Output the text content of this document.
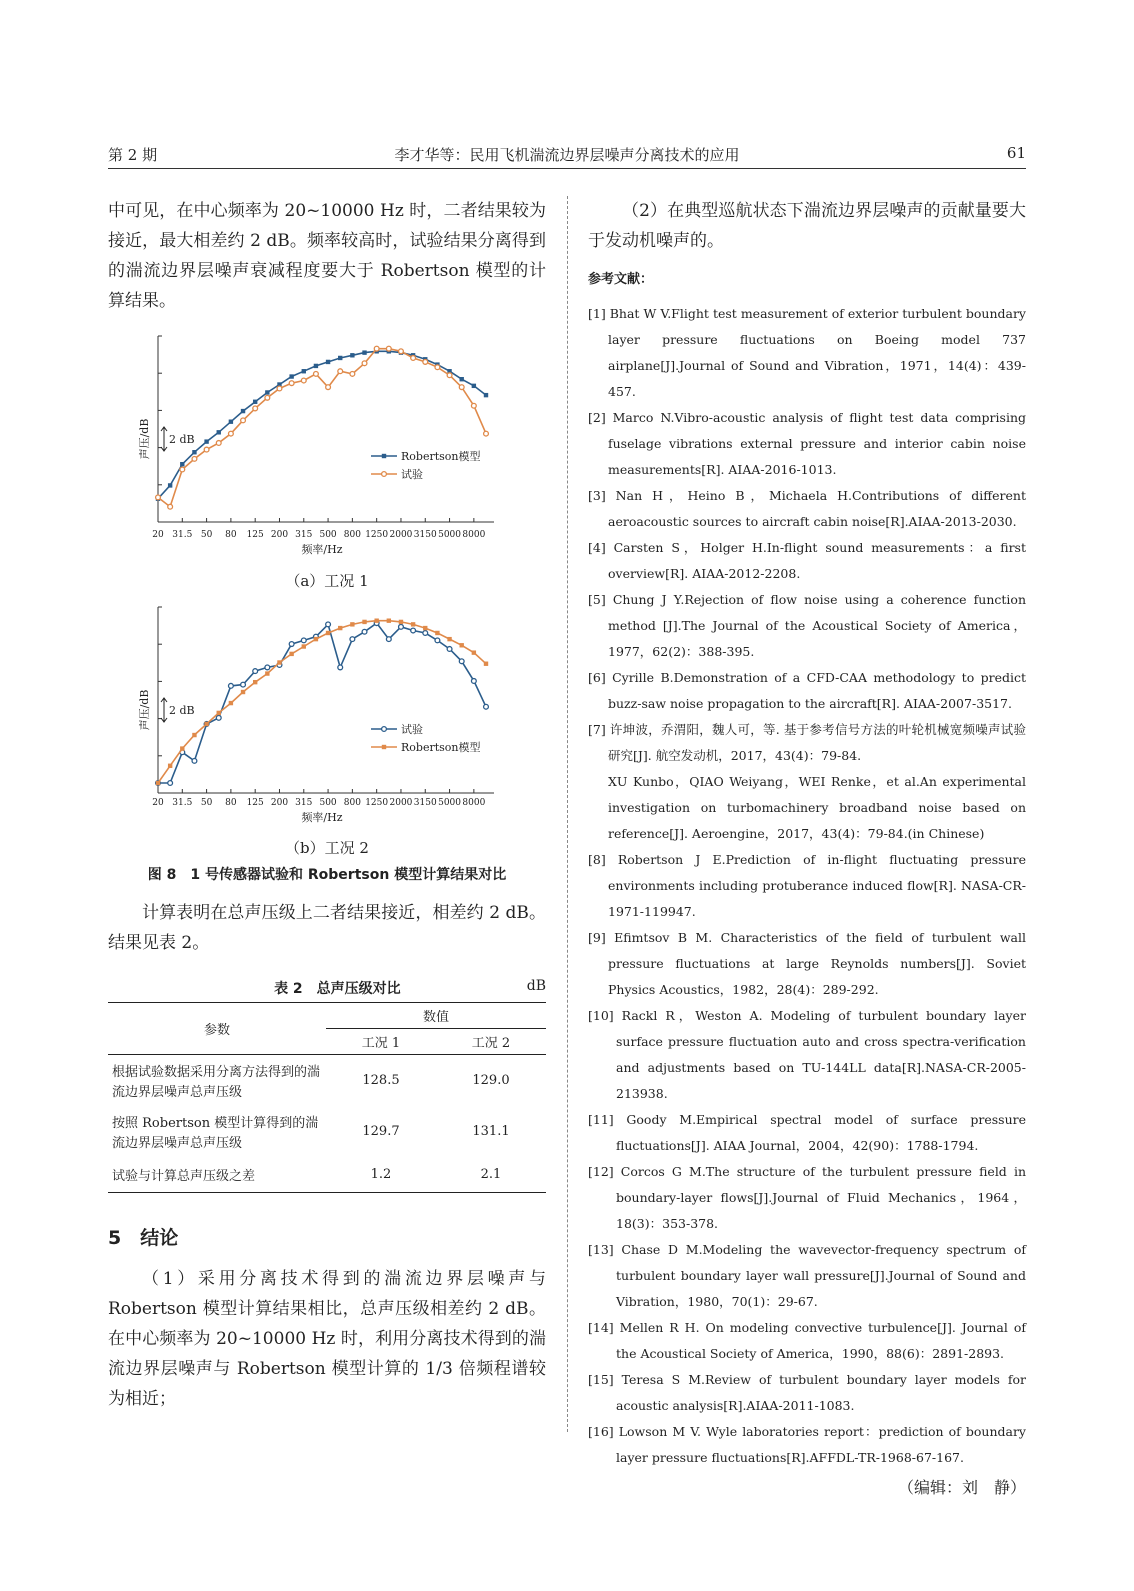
第 2 期	李才华等：民用飞机湍流边界层噪声分离技术的应用	61

中可见，在中心频率为 20~10000 Hz 时，二者结果较为接近，最大相差约 2 dB。频率较高时，试验结果分离得到的湍流边界层噪声衰减程度要大于 Robertson 模型的计算结果。

20 31.5 50 80 125 200 315 500 800 1250 2000 3150 5000 8000
频率/Hz
声压/dB 2 dB
Robertson模型
试验
（a）工况 1
20 31.5 50 80 125 200 315 500 800 1250 2000 3150 5000 8000
频率/Hz
声压/dB 2 dB
试验
Robertson模型
（b）工况 2
图 8　1 号传感器试验和 Robertson 模型计算结果对比

计算表明在总声压级上二者结果接近，相差约 2 dB。结果见表 2。

表 2　总声压级对比	dB
参数	数值	
	工况 1	工况 2
根据试验数据采用分离方法得到的湍流边界层噪声总声压级	128.5	129.0
按照 Robertson 模型计算得到的湍流边界层噪声总声压级	129.7	131.1
试验与计算总声压级之差	1.2	2.1
5　结论

（1）采用分离技术得到的湍流边界层噪声与 Robertson 模型计算结果相比，总声压级相差约 2 dB。在中心频率为 20~10000 Hz 时，利用分离技术得到的湍流边界层噪声与 Robertson 模型计算的 1/3 倍频程谱较为相近；

（2）在典型巡航状态下湍流边界层噪声的贡献量要大于发动机噪声的。

参考文献：

[1] Bhat W V.Flight test measurement of exterior turbulent boundary layer pressure fluctuations on Boeing model 737 airplane[J].Journal of Sound and Vibration，1971，14(4)：439-457.

[2] Marco N.Vibro-acoustic analysis of flight test data comprising fuselage vibrations external pressure and interior cabin noise measurements[R]. AIAA-2016-1013.

[3] Nan H，Heino B，Michaela H.Contributions of different aeroacoustic sources to aircraft cabin noise[R].AIAA-2013-2030.

[4] Carsten S，Holger H.In-flight sound measurements：a first overview[R]. AIAA-2012-2208.

[5] Chung J Y.Rejection of flow noise using a coherence function method [J].The Journal of the Acoustical Society of America，1977，62(2)：388-395.

[6] Cyrille B.Demonstration of a CFD-CAA methodology to predict buzz-saw noise propagation to the aircraft[R]. AIAA-2007-3517.

[7] 许坤波，乔渭阳，魏人可，等. 基于参考信号方法的叶轮机械宽频噪声试验研究[J]. 航空发动机，2017，43(4)：79-84.

XU Kunbo，QIAO Weiyang，WEI Renke，et al.An experimental investigation on turbomachinery broadband noise based on reference[J]. Aeroengine，2017，43(4)：79-84.(in Chinese)

[8] Robertson J E.Prediction of in-flight fluctuating pressure environments including protuberance induced flow[R]. NASA-CR-1971-119947.

[9] Efimtsov B M. Characteristics of the field of turbulent wall pressure fluctuations at large Reynolds numbers[J]. Soviet Physics Acoustics，1982，28(4)：289-292.

[10] Rackl R，Weston A. Modeling of turbulent boundary layer surface pressure fluctuation auto and cross spectra-verification and adjustments based on TU-144LL data[R].NASA-CR-2005-213938.

[11] Goody M.Empirical spectral model of surface pressure fluctuations[J]. AIAA Journal，2004，42(90)：1788-1794.

[12] Corcos G M.The structure of the turbulent pressure field in boundary-layer flows[J].Journal of Fluid Mechanics，1964，18(3)：353-378.

[13] Chase D M.Modeling the wavevector-frequency spectrum of turbulent boundary layer wall pressure[J].Journal of Sound and Vibration，1980，70(1)：29-67.

[14] Mellen R H. On modeling convective turbulence[J]. Journal of the Acoustical Society of America，1990，88(6)：2891-2893.

[15] Teresa S M.Review of turbulent boundary layer models for acoustic analysis[R].AIAA-2011-1083.

[16] Lowson M V. Wyle laboratories report：prediction of boundary layer pressure fluctuations[R].AFFDL-TR-1968-67-167.

（编辑：刘　静）
